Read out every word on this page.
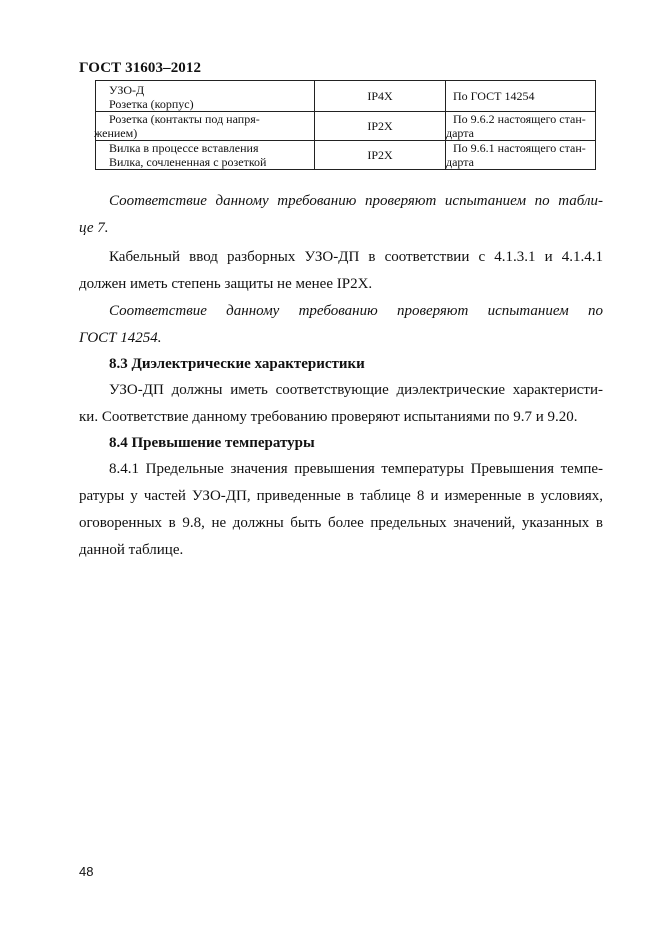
ГОСТ 31603–2012
УЗО-Д
Розетка (корпус)	IP4X	По ГОСТ 14254

Розетка (контакты под напря-
жением)	IP2X	По 9.6.2 настоящего стан-
дарта

Вилка в процессе вставления
Вилка, сочлененная с розеткой	IP2X	По 9.6.1 настоящего стан-
дарта
Соответствие данному требованию проверяют испытанием по табли-
це 7.
Кабельный ввод разборных УЗО-ДП в соответствии с 4.1.3.1 и 4.1.4.1
должен иметь степень защиты не менее IP2X.
Соответствие данному требованию проверяют испытанием по
ГОСТ 14254.
8.3 Диэлектрические характеристики
УЗО-ДП должны иметь соответствующие диэлектрические характеристи-
ки. Соответствие данному требованию проверяют испытаниями по 9.7 и 9.20.
8.4 Превышение температуры
8.4.1 Предельные значения превышения температуры Превышения темпе-
ратуры у частей УЗО-ДП, приведенные в таблице 8 и измеренные в условиях,
оговоренных в 9.8, не должны быть более предельных значений, указанных в
данной таблице.
48
